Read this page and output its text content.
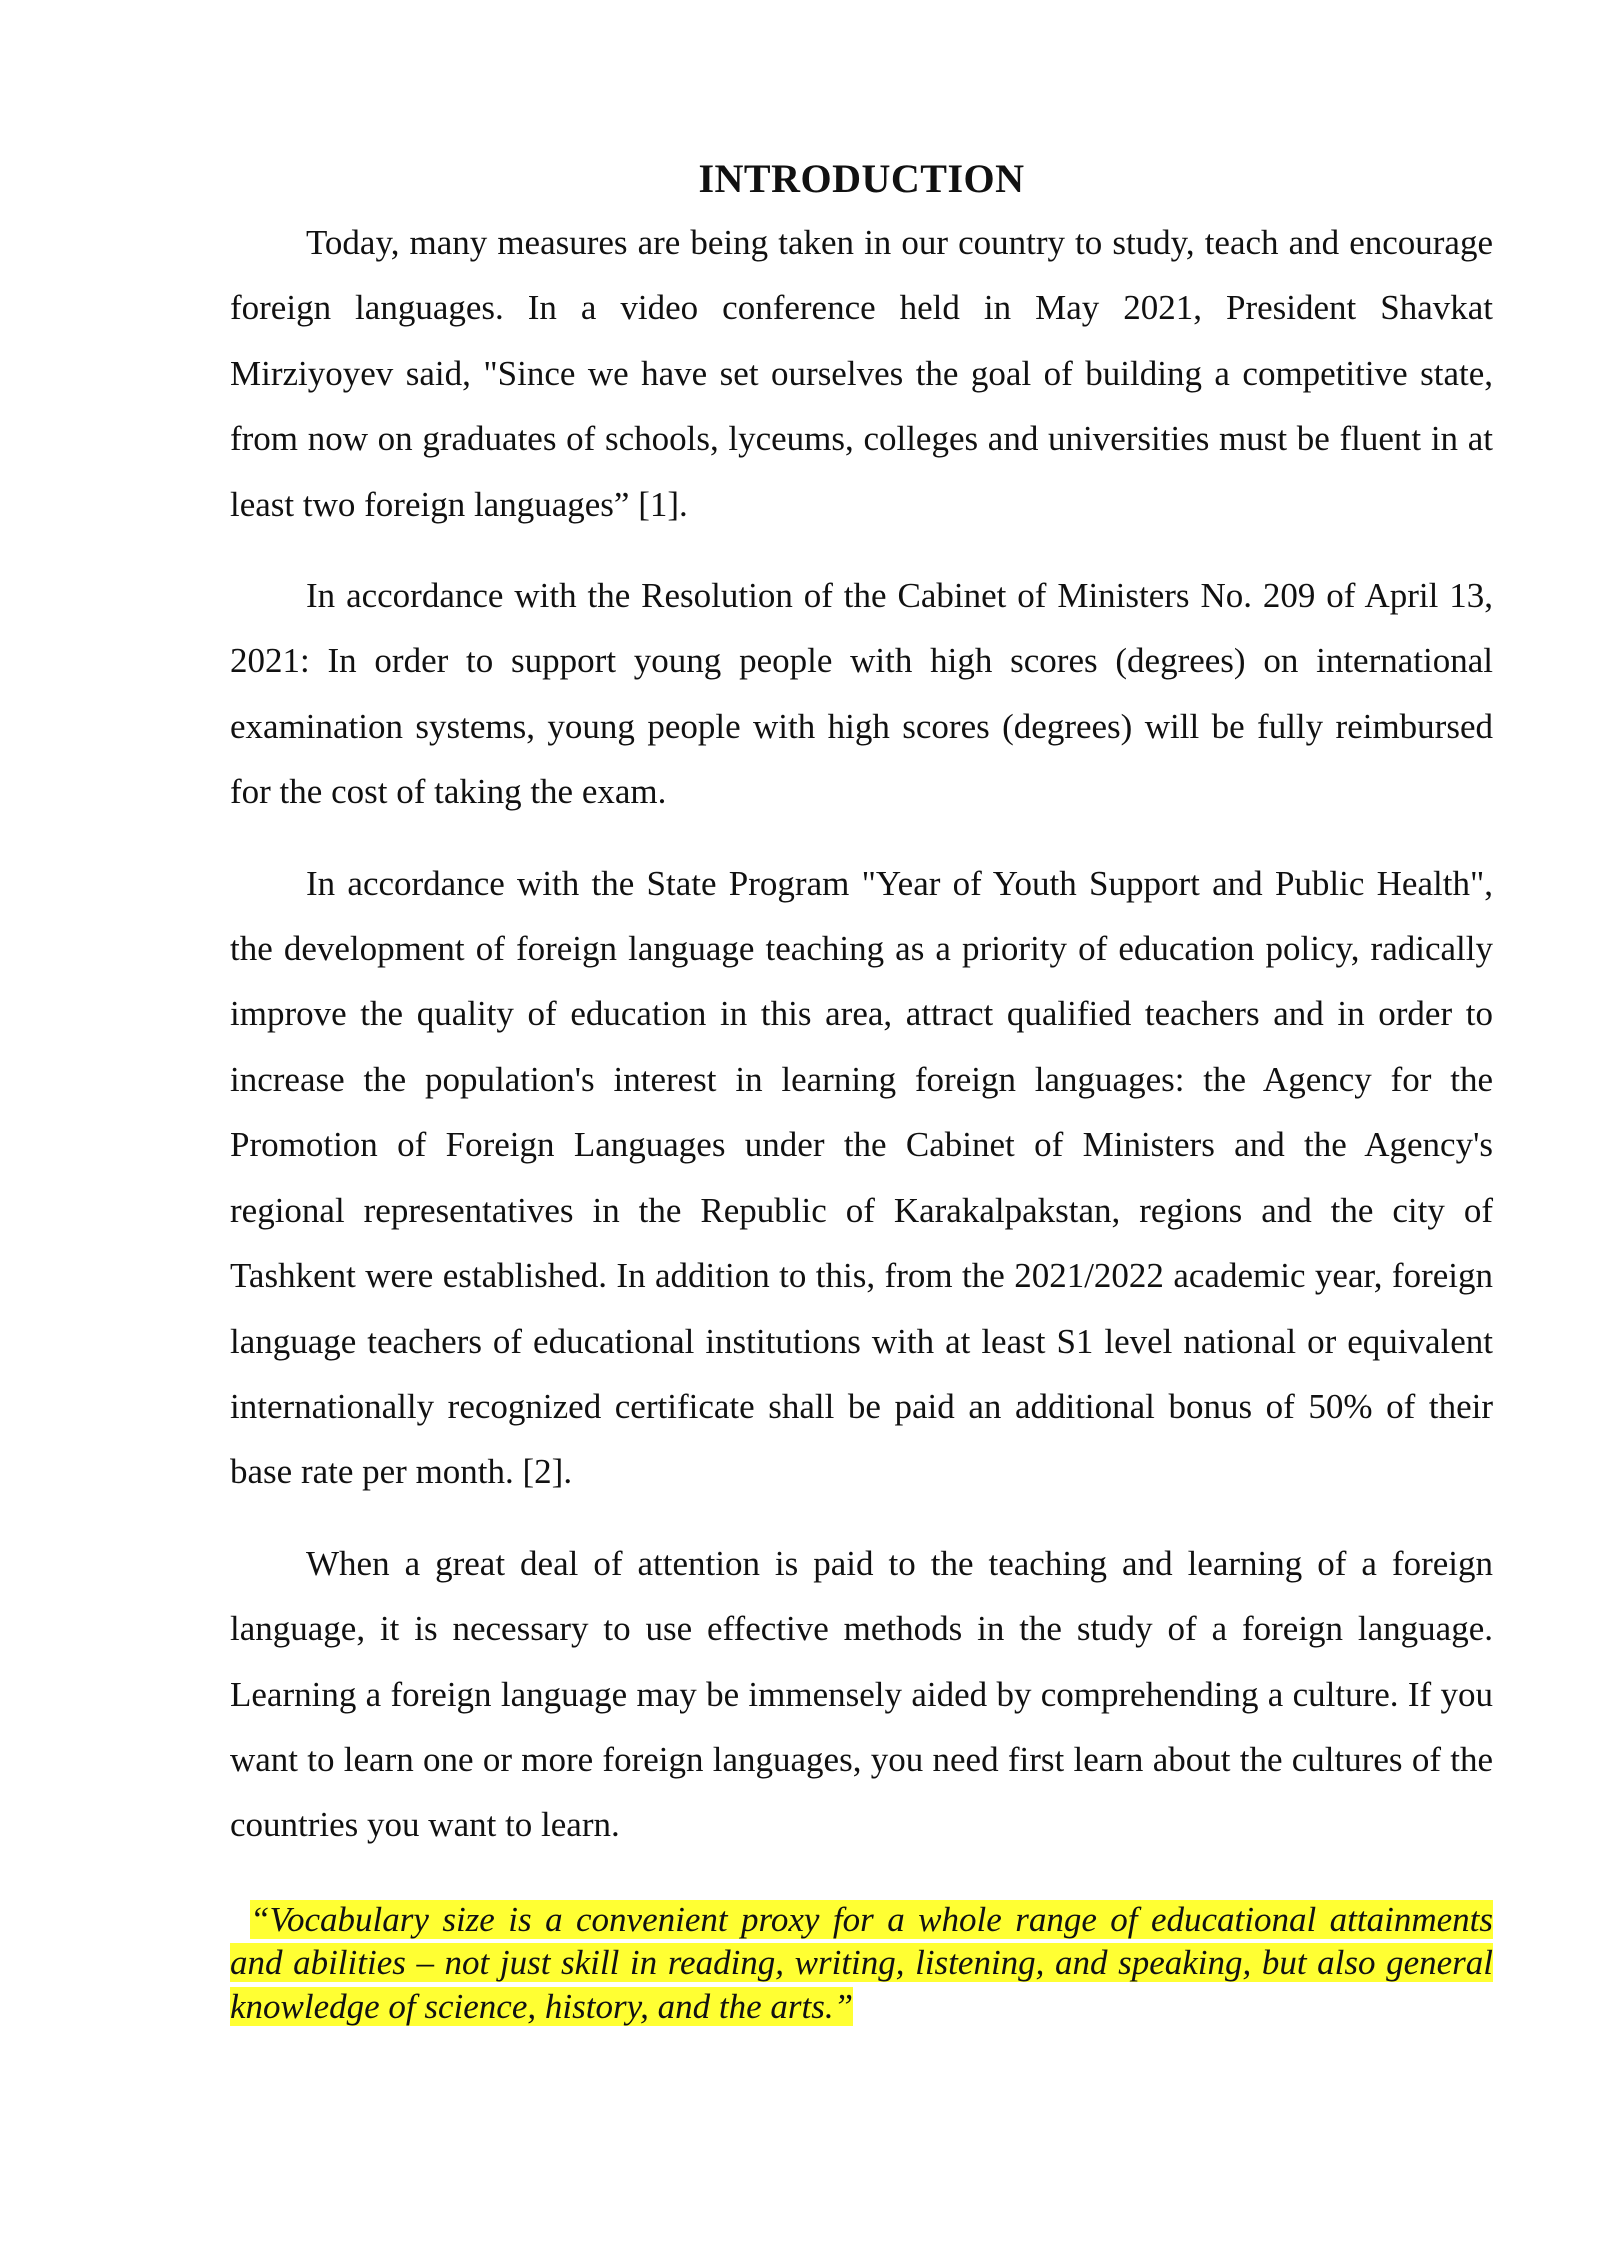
INTRODUCTION

Today, many measures are being taken in our country to study, teach and encourage foreign languages. In a video conference held in May 2021, President Shavkat Mirziyoyev said, "Since we have set ourselves the goal of building a competitive state, from now on graduates of schools, lyceums, colleges and universities must be fluent in at least two foreign languages” [1].

In accordance with the Resolution of the Cabinet of Ministers No. 209 of April 13, 2021: In order to support young people with high scores (degrees) on international examination systems, young people with high scores (degrees) will be fully reimbursed for the cost of taking the exam.

In accordance with the State Program "Year of Youth Support and Public Health", the development of foreign language teaching as a priority of education policy, radically improve the quality of education in this area, attract qualified teachers and in order to increase the population's interest in learning foreign languages: the Agency for the Promotion of Foreign Languages under the Cabinet of Ministers and the Agency's regional representatives in the Republic of Karakalpakstan, regions and the city of Tashkent were established. In addition to this, from the 2021/2022 academic year, foreign language teachers of educational institutions with at least S1 level national or equivalent internationally recognized certificate shall be paid an additional bonus of 50% of their base rate per month. [2].

When a great deal of attention is paid to the teaching and learning of a foreign language, it is necessary to use effective methods in the study of a foreign language. Learning a foreign language may be immensely aided by comprehending a culture. If you want to learn one or more foreign languages, you need first learn about the cultures of the countries you want to learn.

“Vocabulary size is a convenient proxy for a whole range of educational attainments and abilities – not just skill in reading, writing, listening, and speaking, but also general knowledge of science, history, and the arts.”
